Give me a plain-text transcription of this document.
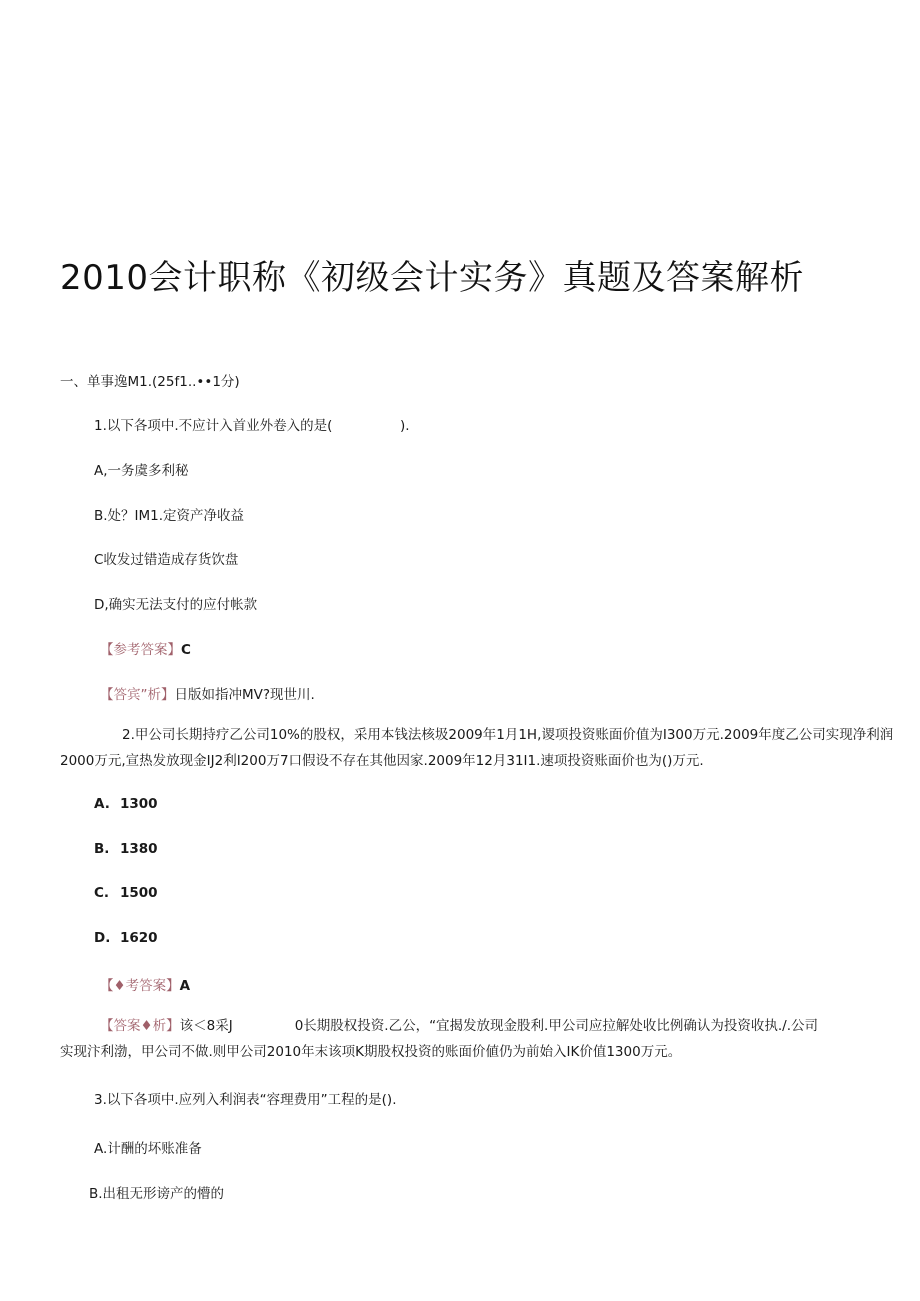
2010会计职称《初级会计实务》真题及答案解析
一、单事逸M1.(25f1..••1分)
1.以下各项中.不应计入首业外卷入的是(　　　　　).
A,一务虞多利秘
B.处？IM1.定资产净收益
C收发过错造成存货饮盘
D,确实无法支付的应付帐款
【参考答案】C
【答宾”析】日版如指冲MV?现世川.
2.甲公司长期持疗乙公司10%的股权，采用本钱法核圾2009年1月1H,谡项投资账面价值为I300万元.2009年度乙公司实现净利润
2000万元,宣热发放现金IJ2利I200万7口假设不存在其他因家.2009年12月31I1.速项投资账面价也为()万元.
A. 1300
B. 1380
C. 1500
D. 1620
【♦考答案】A
【答案♦析】该＜8采J	0长期股权投资.乙公，“宜揭发放现金股利.甲公司应拉解处收比例确认为投资收执./.公司
实现汴利渤，甲公司不做.则甲公司2010年末该项K期股权投资的账面价値仍为前始入IK价值1300万元。
3.以下各项中.应列入利润表“容理费用”工程的是().
A.计酬的坏账准备
B.出租无形谤产的懵的
